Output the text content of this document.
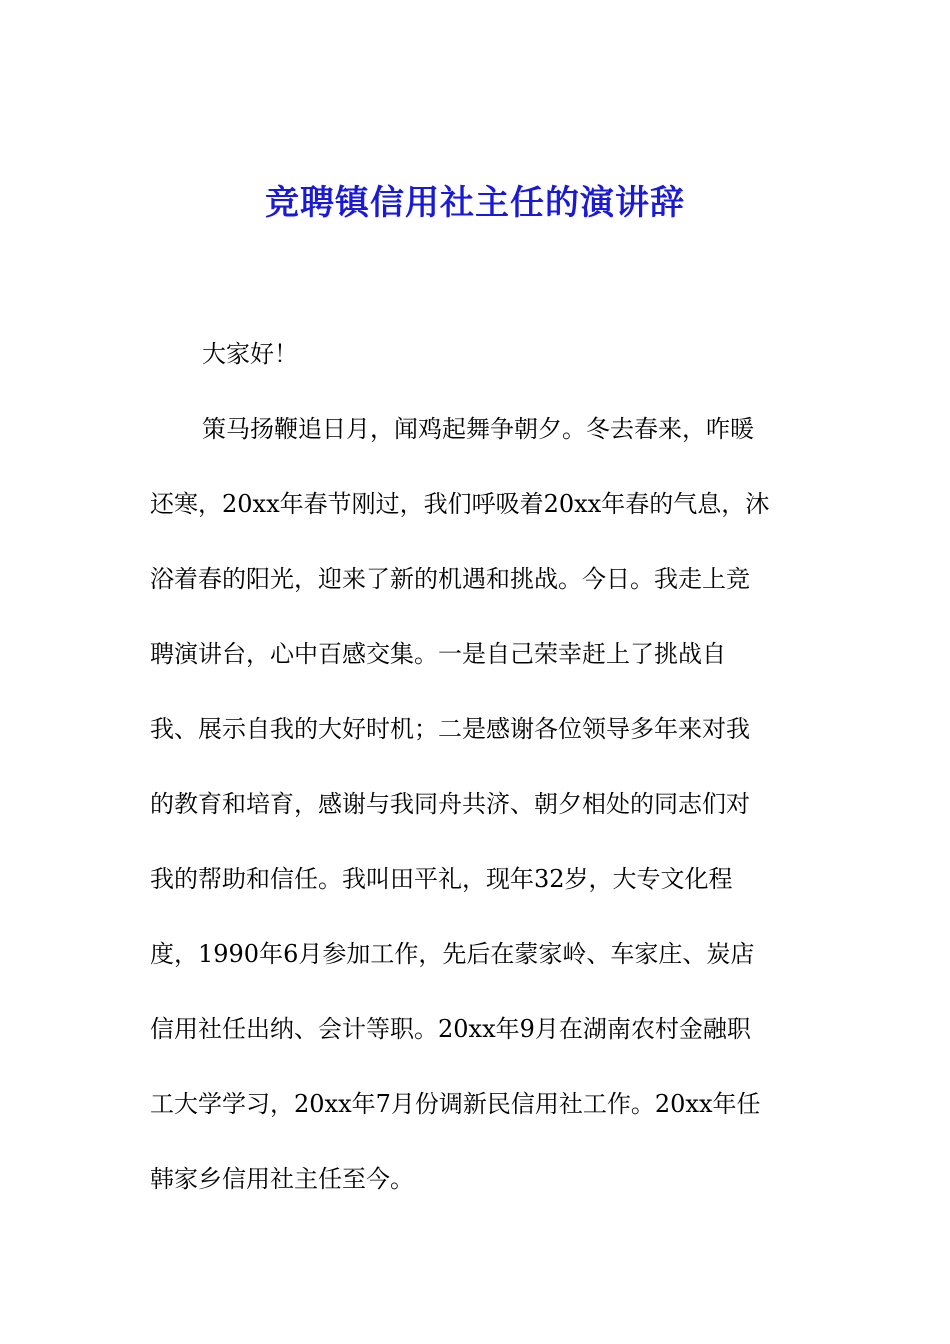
竞聘镇信用社主任的演讲辞

大家好！

策马扬鞭追日月，闻鸡起舞争朝夕。冬去春来，咋暖

还寒，20xx年春节刚过，我们呼吸着20xx年春的气息，沐

浴着春的阳光，迎来了新的机遇和挑战。今日。我走上竞

聘演讲台，心中百感交集。一是自己荣幸赶上了挑战自

我、展示自我的大好时机；二是感谢各位领导多年来对我

的教育和培育，感谢与我同舟共济、朝夕相处的同志们对

我的帮助和信任。我叫田平礼，现年32岁，大专文化程

度，1990年6月参加工作，先后在蒙家岭、车家庄、炭店

信用社任出纳、会计等职。20xx年9月在湖南农村金融职

工大学学习，20xx年7月份调新民信用社工作。20xx年任

韩家乡信用社主任至今。
